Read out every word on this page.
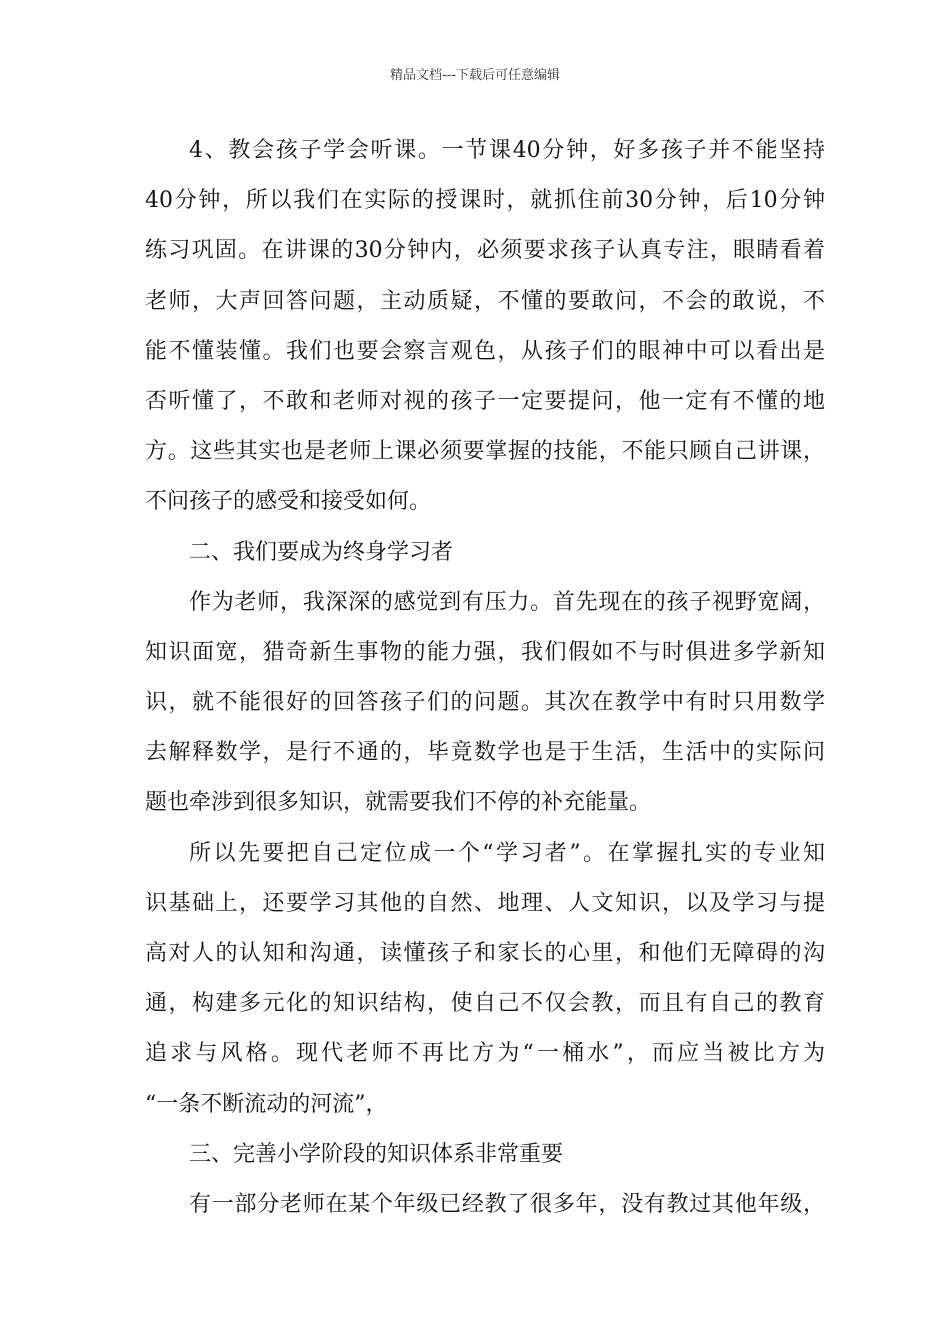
精品文档---下载后可任意编辑
4、教会孩子学会听课。一节课40分钟，好多孩子并不能坚持
40分钟，所以我们在实际的授课时，就抓住前30分钟，后10分钟
练习巩固。在讲课的30分钟内，必须要求孩子认真专注，眼睛看着
老师，大声回答问题，主动质疑，不懂的要敢问，不会的敢说，不
能不懂装懂。我们也要会察言观色，从孩子们的眼神中可以看出是
否听懂了，不敢和老师对视的孩子一定要提问，他一定有不懂的地
方。这些其实也是老师上课必须要掌握的技能，不能只顾自己讲课，
不问孩子的感受和接受如何。
二、我们要成为终身学习者
作为老师，我深深的感觉到有压力。首先现在的孩子视野宽阔，
知识面宽，猎奇新生事物的能力强，我们假如不与时俱进多学新知
识，就不能很好的回答孩子们的问题。其次在教学中有时只用数学
去解释数学，是行不通的，毕竟数学也是于生活，生活中的实际问
题也牵涉到很多知识，就需要我们不停的补充能量。
所以先要把自己定位成一个“学习者”。在掌握扎实的专业知
识基础上，还要学习其他的自然、地理、人文知识，以及学习与提
高对人的认知和沟通，读懂孩子和家长的心里，和他们无障碍的沟
通，构建多元化的知识结构，使自己不仅会教，而且有自己的教育
追求与风格。现代老师不再比方为“一桶水”，而应当被比方为
“一条不断流动的河流”，
三、完善小学阶段的知识体系非常重要
有一部分老师在某个年级已经教了很多年，没有教过其他年级，
